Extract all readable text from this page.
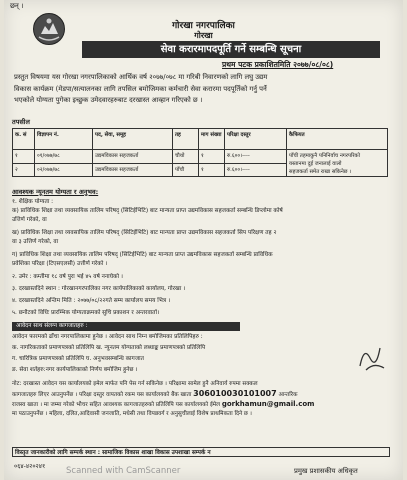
छन् ।
गोरखा नगरपालिका
गोरखा
सेवा करारमापदपूर्ति गर्ने सम्बन्धि सूचना
प्रथम पटक प्रकाशितमिति २०७७/०८/०८)
प्रस्तुत विषयमा यस गोरखा नगरपालिकाको आर्थिक वर्ष २०७७/०७८ मा गरिबी निवारणको लागि लघु उद्यम
विकास कार्यक्रम (मेडपा/सत्यालनका लागि तपसिल बमोजिमका कर्मचारी सेवा करारमा पदपूर्तिको गर्नु पर्ने
भएकोले योग्यता पुगेका इच्छुक उमेदवारहरुबाट दरखास्त आव्हान गरिएको छ ।
तपसील
क. सं	विज्ञापन नं.	पद, सेवा, समूह	तह	माग संख्या	परिक्षा दस्तुर	कैफियत
१	०१/०७७/७८	उद्यमविकास सहजकर्ता	चौथो	१	रु.६००।----	पाँची तहमाकुनै पनिनिर्वाच नगरपरिको
यस्तानमा दुई जनालाई वालो
सहजकर्ता समेत राखा सकिनेछ ।

२	०२/०७७/७८	उद्यमविकास सहजकर्ता	पाँचौ	१	रु.६००।----	
आवश्यक न्यूनतम योग्यता र अनुभव:
१. शैक्षिक योग्यता :
क) प्राविधिक शिक्षा तथा व्यवसायिक तालिम परिषद् (सिटिईभिटि) बाट मान्यता प्राप्त उद्यमविकास सहजकर्ता सम्बन्धि डिप्लोमा कोर्ष
उत्तिर्ण गरेको, वा
ख) प्राविधिक शिक्षा तथा व्यवसायिक तालिम परिषद् (सिटिईभिटि) बाट मान्यता प्राप्त उद्यमविकास सहजकर्ता सिप परिक्षण तह २
वा ३ उत्तिर्ण गरेको, वा
ग) प्राविधिक शिक्षा तथा व्यवसायिक तालिम परिषद् (सिटिईभिटि) बाट मान्यता प्राप्त उद्यमविकास सहजकर्ता सम्बन्धि प्राविधिक
प्रवेशिका परिक्षा (टिएसएलसी) उत्तीर्ण गरेको ।
२. उमेर : कम्तीमा १८ वर्ष पुरा भई ४५ वर्ष ननाघेको ।
३. दरखास्तदिने स्थान : गोरखानगरपालिका नगर कार्यपालिकाको कार्यालय, गोरखा ।
४. दरखास्तदिने अन्तिम मिति : २०७७/०८/२२गते सम्म कार्यालय समय भित्र ।
५. छनौटको विधिः प्रारम्भिक योग्यताक्रमको सुचि प्रकाशन र अन्तरवार्ता।
आवेदन साथ संलग्न कागजातहरु :
आवेदन फारमको ढाँचा नगरपालिकामा हुनेछ । आवेदन साथ निम्न बमोजिमका प्रतिलिपिहरु :
क. नागरिकताको प्रमाणपत्रको प्रतिलिपि ख. न्युनतम योग्यताको लब्धाङ्क प्रमाणपत्रको प्रतिलिपि
ग. चारित्रिक प्रमाणपत्रको प्रतिलिपि घ. अनुभवसम्बन्धि कागजात
ङ. सेवा शर्तहरु:नगर कार्यपालिकाको निर्णय बमोजिम हुनेछ ।
नोट: दरखास्त आवेदन यस कार्यालयको इमेल मार्फत पनि पेस गर्न सकिनेछ । परिक्षामा सामेल हुनै अनिवार्य रुपमा सक्कल
कागजातहरु लिएर आउनुपर्नेछ । परिक्षा दस्तुर वापतको रकम यस कार्यालयको बैंक खाता 306010030101007 आन्तरिक
राजस्व खाता । मा जम्मा गरेको भौचर सहित आवश्यक कागजातहरुको प्रतिलिपि यस कार्यालयको ईमेल gorkhamun@gmail.com
मा पठाउनुपर्नेछ । महिला, दलित,आदिवासी जनजाति, मधेसी तथा विपन्नवर्ग र अनुसुचीलाई विशेष प्राथमिकता दिने छ ।
विस्तृत जानकारीको लागि सम्पर्क स्थान : सामाजिक विकास शाखा विकास उपशाखा सम्पर्क न
०६४-४२०२४१ Scanned with CamScanner	प्रमुख प्रशासकीय अधिकृत
